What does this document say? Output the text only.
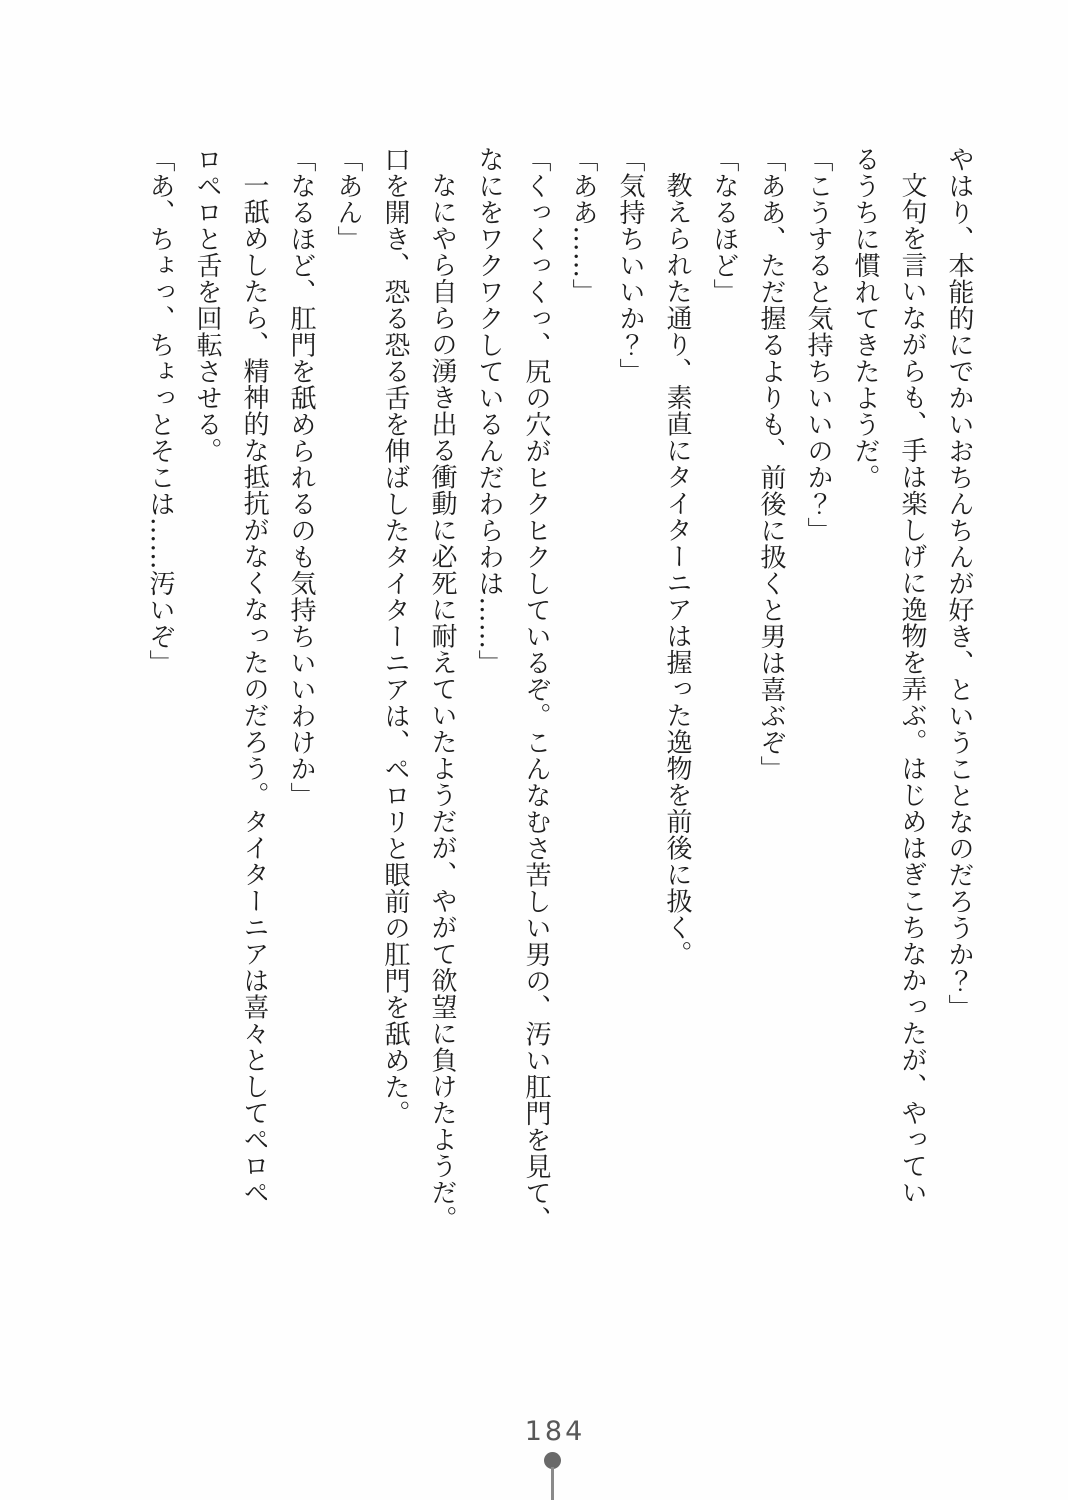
やはり、本能的にでかいおちんちんが好き、ということなのだろうか？」
文句を言いながらも、手は楽しげに逸物を弄ぶ。はじめはぎこちなかったが、やってい
るうちに慣れてきたようだ。
「こうすると気持ちいいのか？」
「ああ、ただ握るよりも、前後に扱くと男は喜ぶぞ」
「なるほど」
教えられた通り、素直にタイターニアは握った逸物を前後に扱く。
「気持ちいいか？」
「ああ……」
「くっくっくっ、尻の穴がヒクヒクしているぞ。こんなむさ苦しい男の、汚い肛門を見て、
なにをワクワクしているんだわらわは……」
なにやら自らの湧き出る衝動に必死に耐えていたようだが、やがて欲望に負けたようだ。
口を開き、恐る恐る舌を伸ばしたタイターニアは、ペロリと眼前の肛門を舐めた。
「あん」
「なるほど、肛門を舐められるのも気持ちいいわけか」
一舐めしたら、精神的な抵抗がなくなったのだろう。タイターニアは喜々としてペロペ
ロペロと舌を回転させる。
「あ、ちょっ、ちょっとそこは……汚いぞ」
184
